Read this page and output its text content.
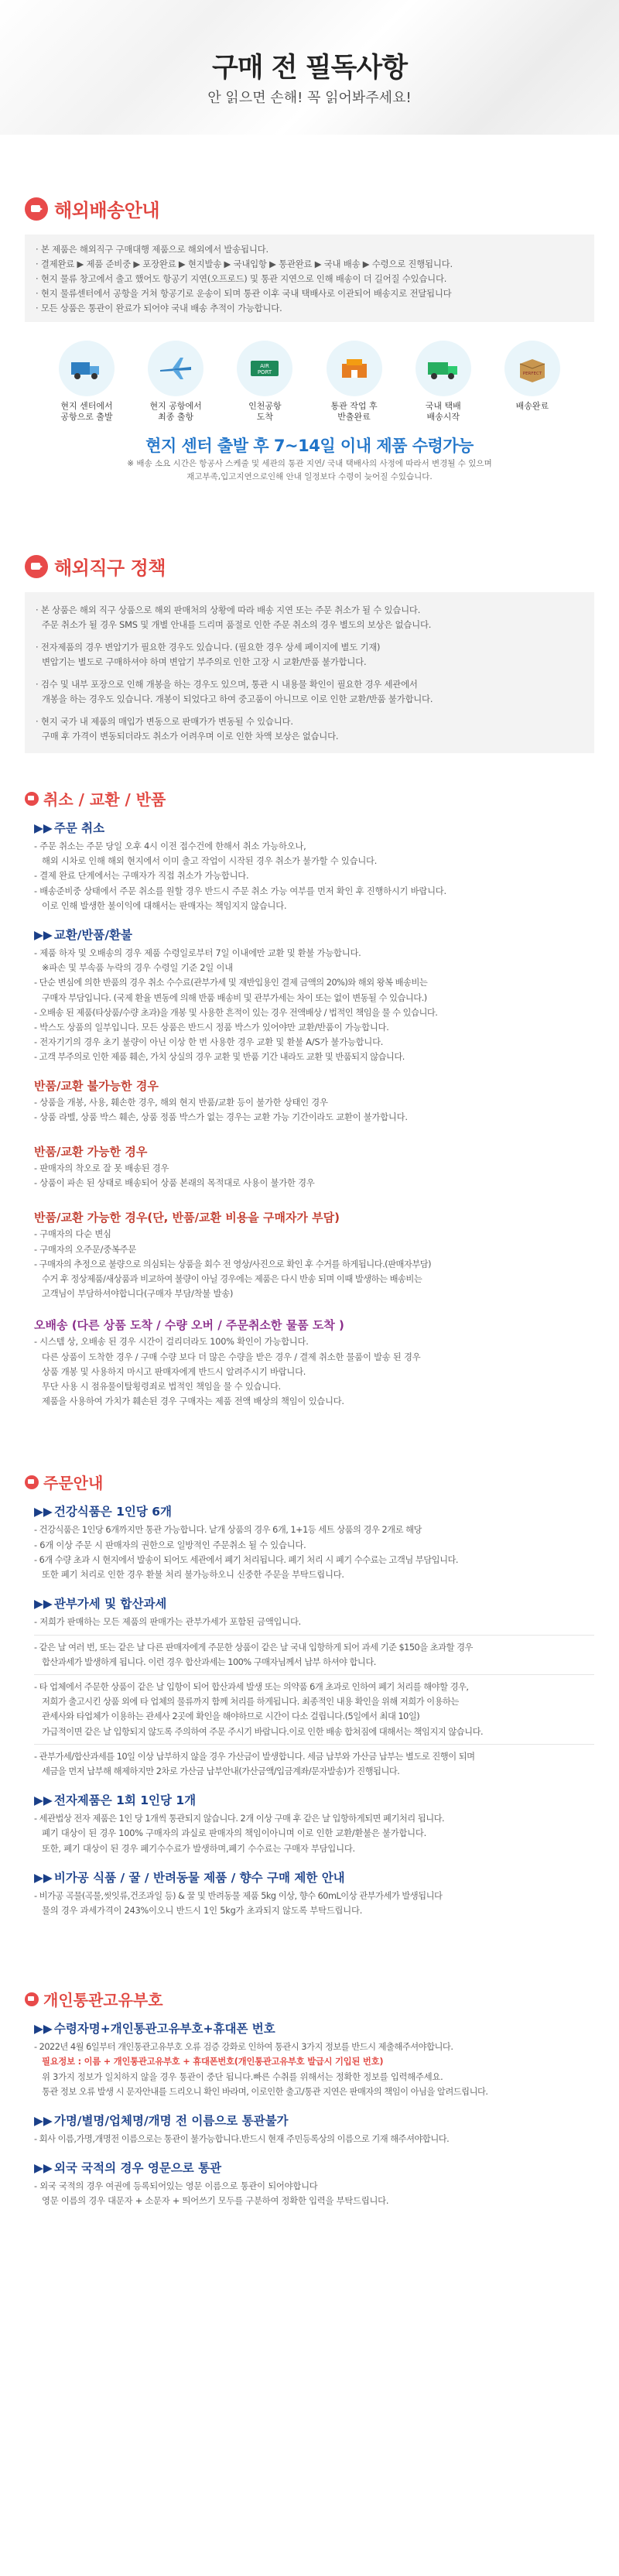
구매 전 필독사항

안 읽으면 손해! 꼭 읽어봐주세요!

해외배송안내

· 본 제품은 해외직구 구매대행 제품으로 해외에서 발송됩니다.

· 결제완료 ▶ 제품 준비중 ▶ 포장완료 ▶ 현지발송 ▶ 국내입항 ▶ 통관완료 ▶ 국내 배송 ▶ 수령으로 진행됩니다.

· 현지 물류 창고에서 출고 했어도 항공기 지연(오프로드) 및 통관 지연으로 인해 배송이 더 길어질 수있습니다.

· 현지 물류센터에서 공항을 거쳐 항공기로 운송이 되며 통관 이후 국내 택배사로 이관되어 배송지로 전달됩니다

· 모든 상품은 통관이 완료가 되어야 국내 배송 추적이 가능합니다.

현지 센터에서
공항으로 출발
현지 공항에서
최종 출항
AIR
PORT
인천공항
도착
통관 작업 후
반출완료
국내 택배
배송시작
PERFECT
배송완료
현지 센터 출발 후 7~14일 이내 제품 수령가능
※ 배송 소요 시간은 항공사 스케줄 및 세관의 통관 지연/ 국내 택배사의 사정에 따라서 변경될 수 있으며
재고부족,입고지연으로인해 안내 일정보다 수령이 늦어질 수있습니다.
해외직구 정책

· 본 상품은 해외 직구 상품으로 해외 판매처의 상황에 따라 배송 지연 또는 주문 취소가 될 수 있습니다.

주문 취소가 될 경우 SMS 및 개별 안내를 드리며 품절로 인한 주문 취소의 경우 별도의 보상은 없습니다.

· 전자제품의 경우 변압기가 필요한 경우도 있습니다. (필요한 경우 상세 페이지에 별도 기재)

변압기는 별도로 구매하셔야 하며 변압기 부주의로 인한 고장 시 교환/반품 불가합니다.

· 검수 및 내부 포장으로 인해 개봉을 하는 경우도 있으며, 통관 시 내용물 확인이 필요한 경우 세관에서

개봉을 하는 경우도 있습니다. 개봉이 되었다고 하여 중고품이 아니므로 이로 인한 교환/반품 불가합니다.

· 현지 국가 내 제품의 매입가 변동으로 판매가가 변동될 수 있습니다.

구매 후 가격이 변동되더라도 취소가 어려우며 이로 인한 차액 보상은 없습니다.

취소 / 교환 / 반품
▶▶ 주문 취소

- 주문 취소는 주문 당일 오후 4시 이전 접수건에 한해서 취소 가능하오나,

해외 시차로 인해 해외 현지에서 이미 출고 작업이 시작된 경우 취소가 불가할 수 있습니다.

- 결제 완료 단계에서는 구매자가 직접 취소가 가능합니다.

- 배송준비중 상태에서 주문 취소를 원할 경우 반드시 주문 취소 가능 여부를 먼저 확인 후 진행하시기 바랍니다.

이로 인해 발생한 불이익에 대해서는 판매자는 책임지지 않습니다.

▶▶ 교환/반품/환불

- 제품 하자 및 오배송의 경우 제품 수령일로부터 7일 이내에만 교환 및 환불 가능합니다.

※파손 및 부속품 누락의 경우 수령일 기준 2일 이내

- 단순 변심에 의한 반품의 경우 취소 수수료(관부가세 및 재반입용인 결제 금액의 20%)와 해외 왕복 배송비는

구매자 부담입니다. (국제 환율 변동에 의해 반품 배송비 및 관부가세는 차이 또는 없이 변동될 수 있습니다.)

- 오배송 된 제품(타상품/수량 초과)을 개봉 및 사용한 흔적이 있는 경우 전액배상 / 법적인 책임을 물 수 있습니다.

- 박스도 상품의 일부입니다. 모든 상품은 반드시 정품 박스가 있어야만 교환/반품이 가능합니다.

- 전자기기의 경우 초기 불량이 아닌 이상 한 번 사용한 경우 교환 및 환불 A/S가 불가능합니다.

- 고객 부주의로 인한 제품 훼손, 가치 상실의 경우 교환 및 반품 기간 내라도 교환 및 반품되지 않습니다.

반품/교환 불가능한 경우

- 상품을 개봉, 사용, 훼손한 경우, 해외 현지 반품/교환 등이 불가한 상태인 경우

- 상품 라벨, 상품 박스 훼손, 상품 정품 박스가 없는 경우는 교환 가능 기간이라도 교환이 불가합니다.

반품/교환 가능한 경우

- 판매자의 착오로 잘 못 배송된 경우

- 상품이 파손 된 상태로 배송되어 상품 본래의 목적대로 사용이 불가한 경우

반품/교환 가능한 경우(단, 반품/교환 비용을 구매자가 부담)

- 구매자의 다순 변심

- 구매자의 오주문/중복주문

- 구매자의 추정으로 불량으로 의심되는 상품을 회수 전 영상/사진으로 확인 후 수거를 하게됩니다.(판매자부담)

수거 후 정상제품/새상품과 비교하여 불량이 아닐 경우에는 제품은 다시 반송 되며 이때 발생하는 배송비는

고객님이 부담하셔야합니다(구매자 부담/착불 발송)

오배송 (다른 상품 도착 / 수량 오버 / 주문취소한 물품 도착 )

- 시스템 상, 오배송 된 경우 시간이 걸리더라도 100% 확인이 가능합니다.

다른 상품이 도착한 경우 / 구매 수량 보다 더 많은 수량을 받은 경우 / 결제 취소한 물품이 발송 된 경우

상품 개봉 및 사용하지 마시고 판매자에게 반드시 알려주시기 바랍니다.

무단 사용 시 점유물이탈횡령죄로 법적인 책임을 물 수 있습니다.

제품을 사용하여 가치가 훼손된 경우 구매자는 제품 전액 배상의 책임이 있습니다.

주문안내
▶▶ 건강식품은 1인당 6개

- 건강식품은 1인당 6개까지만 통관 가능합니다. 낱개 상품의 경우 6개, 1+1등 세트 상품의 경우 2개로 해당

- 6개 이상 주문 시 판매자의 권한으로 일방적인 주문취소 될 수 있습니다.

- 6개 수량 초과 시 현지에서 발송이 되어도 세관에서 폐기 처리됩니다. 폐기 처리 시 폐기 수수료는 고객님 부담입니다.

또한 폐기 처리로 인한 경우 환불 처리 불가능하오니 신중한 주문을 부탁드립니다.

▶▶ 관부가세 및 합산과세

- 저희가 판매하는 모든 제품의 판매가는 관부가세가 포함된 금액입니다.

- 같은 날 여러 번, 또는 같은 날 다른 판매자에게 주문한 상품이 같은 날 국내 입항하게 되어 과세 기준 $150을 초과할 경우

합산과세가 발생하게 됩니다. 이런 경우 합산과세는 100% 구매자님께서 납부 하셔야 합니다.

- 타 업체에서 주문한 상품이 같은 날 입항이 되어 합산과세 발생 또는 의약품 6개 초과로 인하여 폐기 처리를 해야할 경우,

저희가 출고시킨 상품 외에 타 업체의 물류까지 함께 처리를 하게됩니다. 최종적인 내용 확인을 위해 저희가 이용하는

관세사와 타업체가 이용하는 관세사 2곳에 확인을 해야하므로 시간이 다소 걸립니다.(5일에서 최대 10일)

가급적이면 같은 날 입항되지 않도록 주의하여 주문 주시기 바랍니다.이로 인한 배송 합쳐짐에 대해서는 책임지지 않습니다.

- 관부가세/합산과세를 10일 이상 납부하지 않을 경우 가산금이 발생합니다. 세금 납부와 가산금 납부는 별도로 진행이 되며

세금을 먼저 납부해 해제하지만 2차로 가산금 납부안내(가산금액/입금계좌/문자발송)가 진행됩니다.

▶▶ 전자제품은 1회 1인당 1개

- 세관법상 전자 제품은 1인 당 1개씩 통관되지 않습니다. 2개 이상 구매 후 같은 날 입항하게되면 폐기처리 됩니다.

폐기 대상이 된 경우 100% 구매자의 과실로 판매자의 책임이아니며 이로 인한 교환/환불은 불가합니다.

또한, 폐기 대상이 된 경우 폐기수수료가 발생하며,폐기 수수료는 구매자 부담입니다.

▶▶ 비가공 식품 / 꿀 / 반려동물 제품 / 향수 구매 제한 안내

- 비가공 곡물(곡물,씻잇류,건조과일 등) & 꿀 및 반려동물 제품 5kg 이상, 향수 60mL이상 관부가세가 발생됩니다

물의 경우 과세가격이 243%이오니 반드시 1인 5kg가 초과되지 않도록 부탁드립니다.

개인통관고유부호
▶▶ 수령자명+개인통관고유부호+휴대폰 번호

- 2022년 4월 6일부터 개인통관고유부호 오류 검증 강화로 인하여 통관시 3가지 정보를 반드시 제출해주셔야합니다.

필요정보 : 이름 + 개인통관고유부호 + 휴대폰번호(개인통관고유부호 발급시 기입된 번호)

위 3가지 정보가 일치하지 않을 경우 통관이 중단 됩니다.빠른 수취를 위해서는 정확한 정보를 입력해주세요.

통관 정보 오류 발생 시 문자안내를 드리오니 확인 바라며, 이로인한 출고/통관 지연은 판매자의 책임이 아님을 알려드립니다.

▶▶ 가명/별명/업체명/개명 전 이름으로 통관불가

- 회사 이름,가명,개명전 이름으로는 통관이 불가능합니다.반드시 현재 주민등록상의 이름으로 기재 해주셔야합니다.

▶▶ 외국 국적의 경우 영문으로 통관

- 외국 국적의 경우 여권에 등록되어있는 영문 이름으로 통관이 되어야합니다

영문 이름의 경우 대문자 + 소문자 + 띄어쓰기 모두를 구분하여 정확한 입력을 부탁드립니다.
